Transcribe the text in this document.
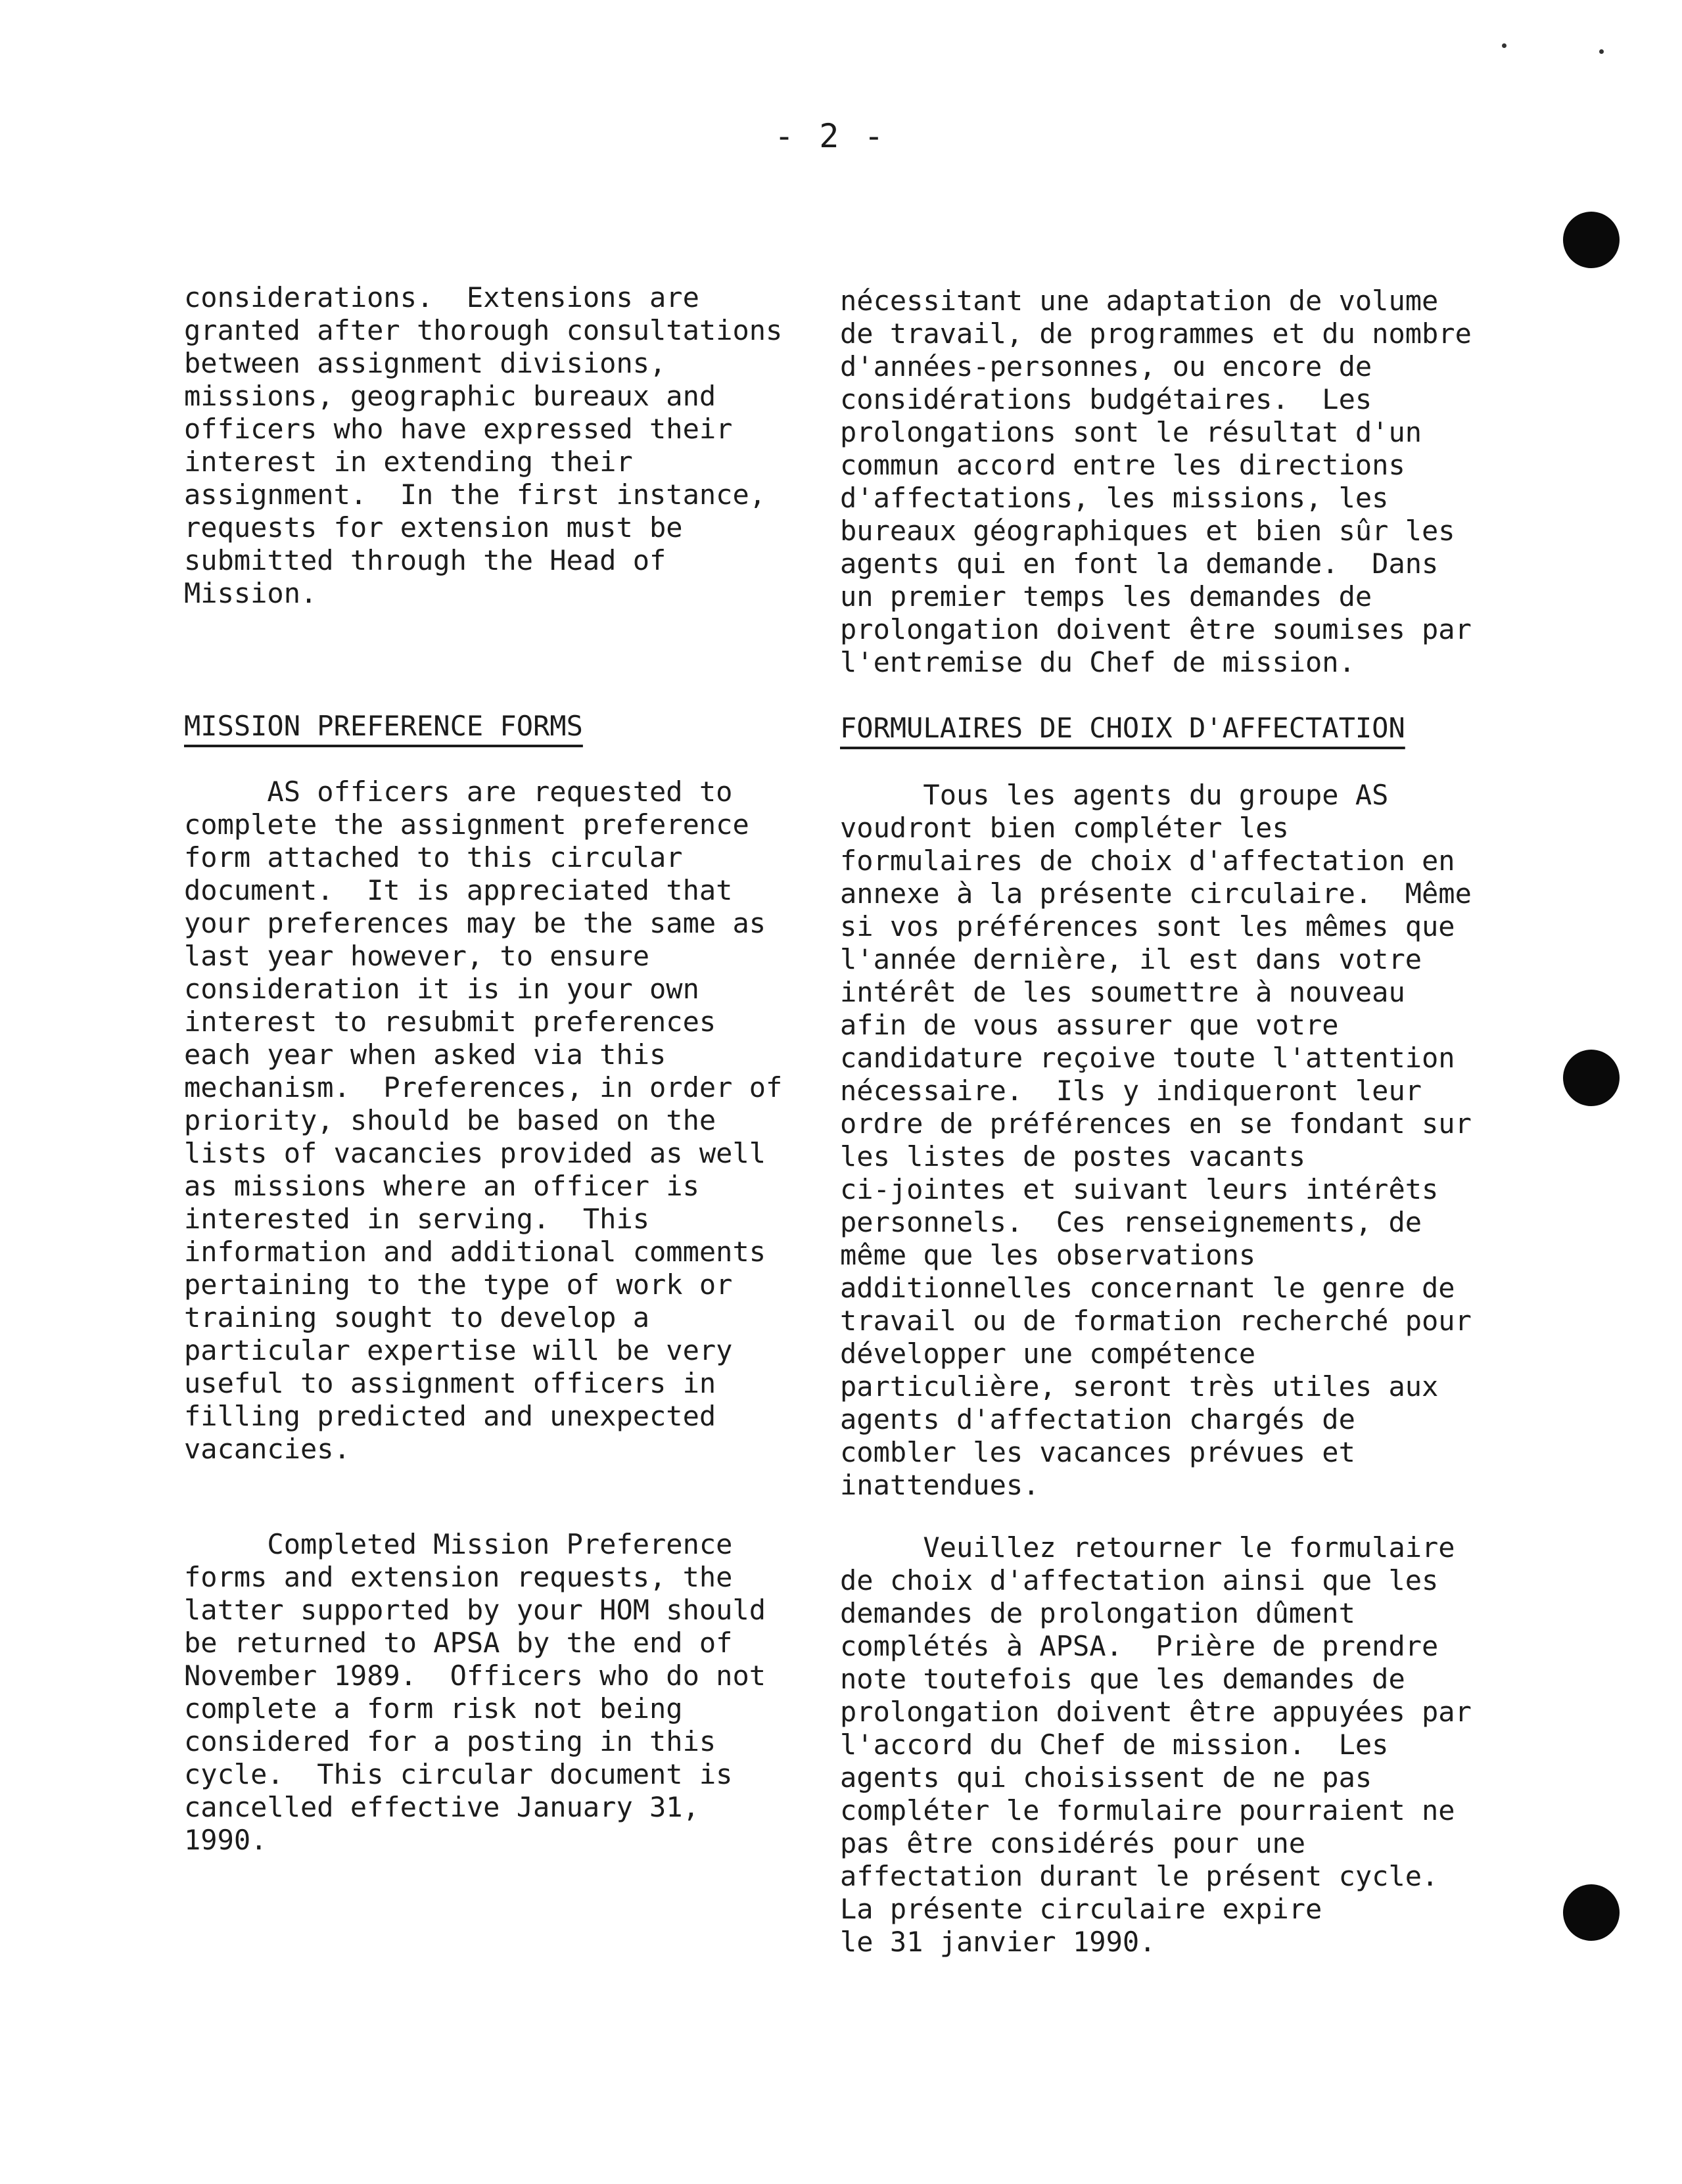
- 2 -

considerations.  Extensions are
granted after thorough consultations
between assignment divisions,
missions, geographic bureaux and
officers who have expressed their
interest in extending their
assignment.  In the first instance,
requests for extension must be
submitted through the Head of
Mission.

MISSION PREFERENCE FORMS

AS officers are requested to
complete the assignment preference
form attached to this circular
document.  It is appreciated that
your preferences may be the same as
last year however, to ensure
consideration it is in your own
interest to resubmit preferences
each year when asked via this
mechanism.  Preferences, in order of
priority, should be based on the
lists of vacancies provided as well
as missions where an officer is
interested in serving.  This
information and additional comments
pertaining to the type of work or
training sought to develop a
particular expertise will be very
useful to assignment officers in
filling predicted and unexpected
vacancies.

Completed Mission Preference
forms and extension requests, the
latter supported by your HOM should
be returned to APSA by the end of
November 1989.  Officers who do not
complete a form risk not being
considered for a posting in this
cycle.  This circular document is
cancelled effective January 31,
1990.

nécessitant une adaptation de volume
de travail, de programmes et du nombre
d'années-personnes, ou encore de
considérations budgétaires.  Les
prolongations sont le résultat d'un
commun accord entre les directions
d'affectations, les missions, les
bureaux géographiques et bien sûr les
agents qui en font la demande.  Dans
un premier temps les demandes de
prolongation doivent être soumises par
l'entremise du Chef de mission.

FORMULAIRES DE CHOIX D'AFFECTATION

Tous les agents du groupe AS
voudront bien compléter les
formulaires de choix d'affectation en
annexe à la présente circulaire.  Même
si vos préférences sont les mêmes que
l'année dernière, il est dans votre
intérêt de les soumettre à nouveau
afin de vous assurer que votre
candidature reçoive toute l'attention
nécessaire.  Ils y indiqueront leur
ordre de préférences en se fondant sur
les listes de postes vacants
ci-jointes et suivant leurs intérêts
personnels.  Ces renseignements, de
même que les observations
additionnelles concernant le genre de
travail ou de formation recherché pour
développer une compétence
particulière, seront très utiles aux
agents d'affectation chargés de
combler les vacances prévues et
inattendues.

Veuillez retourner le formulaire
de choix d'affectation ainsi que les
demandes de prolongation dûment
complétés à APSA.  Prière de prendre
note toutefois que les demandes de
prolongation doivent être appuyées par
l'accord du Chef de mission.  Les
agents qui choisissent de ne pas
compléter le formulaire pourraient ne
pas être considérés pour une
affectation durant le présent cycle.
La présente circulaire expire
le 31 janvier 1990.
